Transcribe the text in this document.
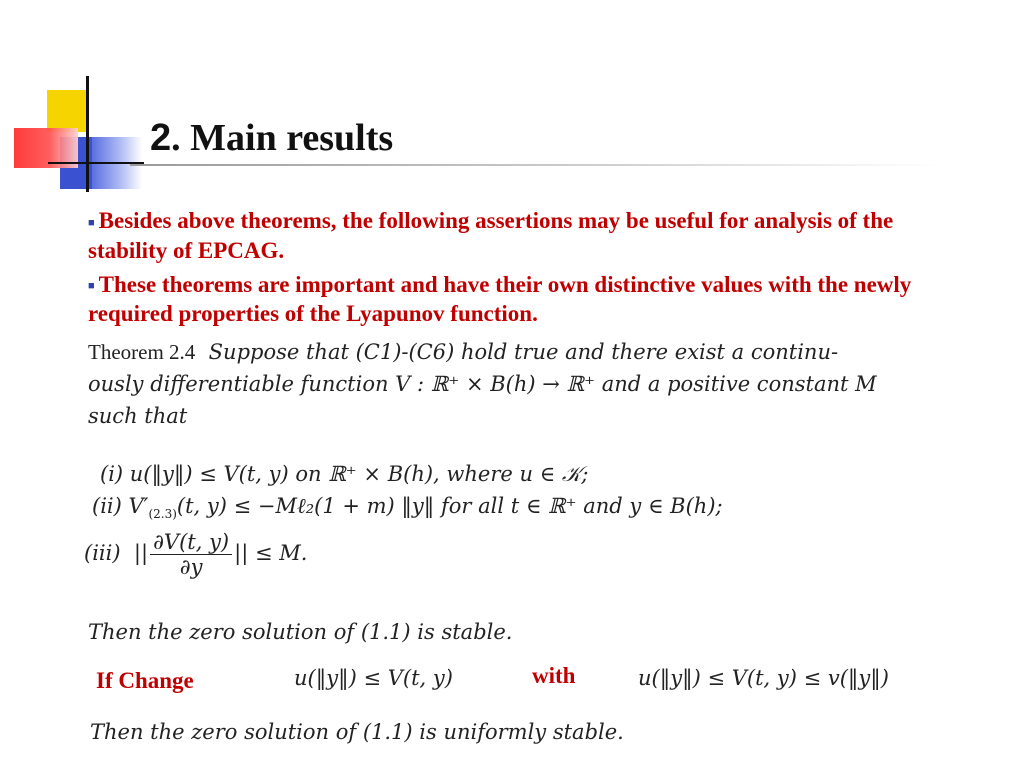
2. Main results

■ Besides above theorems, the following assertions may be useful for analysis of the stability of EPCAG.

■ These theorems are important and have their own distinctive values with the newly required properties of the Lyapunov function.

Theorem 2.4 Suppose that (C1)-(C6) hold true and there exist a continu-
ously differentiable function V : ℝ⁺ × B(h) → ℝ⁺ and a positive constant M
such that
(i) u(‖y‖) ≤ V(t, y) on ℝ⁺ × B(h), where u ∈ 𝒦;
(ii) $V'_{(2.3)}(t$, y) ≤ −Mℓ₂(1 + m) ‖y‖ for all t ∈ ℝ⁺ and y ∈ B(h);
(iii)  || $\frac{\partial V(t, y)}{\partial y}$ || ≤ M.
Then the zero solution of (1.1) is stable.
If Change	u(‖y‖) ≤ V(t, y)	with	u(‖y‖) ≤ V(t, y) ≤ v(‖y‖)
Then the zero solution of (1.1) is uniformly stable.
